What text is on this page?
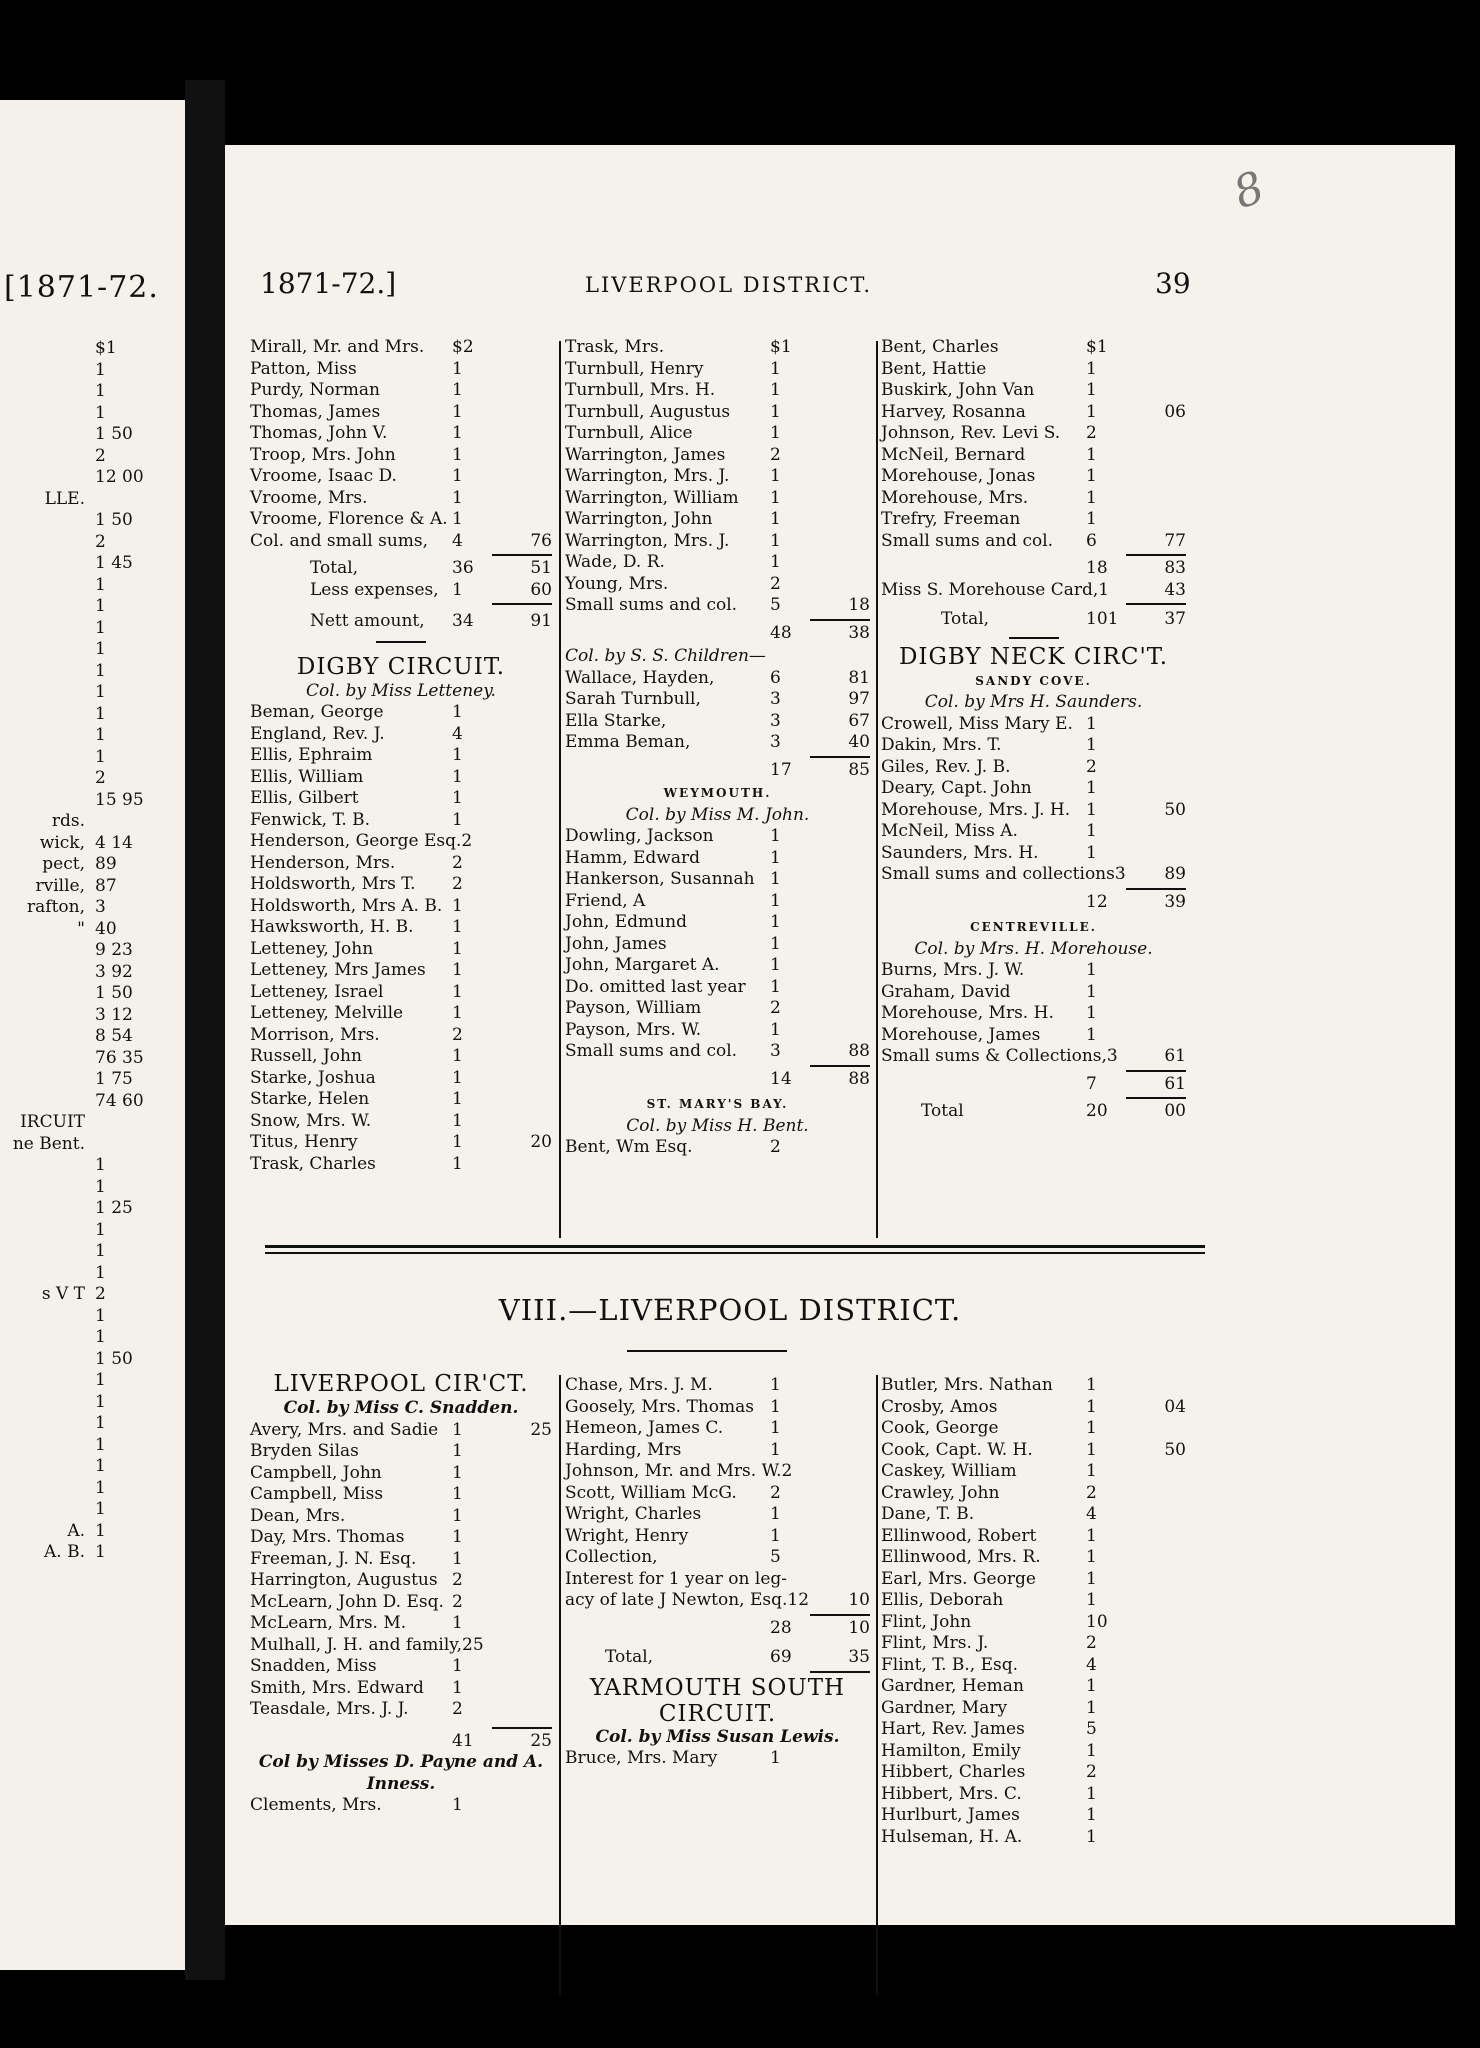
[1871-72.
$1
1
1
1
1 50
2
12 00
LLE.
1 50
2
1 45
1
1
1
1
1
1
1
1
1
2
15 95
rds.
wick, 4 14
pect, 89
rville, 87
rafton, 3
" 40
9 23
3 92
1 50
3 12
8 54
76 35
1 75
74 60
IRCUIT
ne Bent.
1
1
1 25
1
1
1
s V T 2
1
1
1 50
1
1
1
1
1
1
1
A. 1
A. B. 1
1871-72.]	LIVERPOOL DISTRICT.	39
8
Mirall, Mr. and Mrs.	$2
Patton, Miss	1
Purdy, Norman	1
Thomas, James	1
Thomas, John V.	1
Troop, Mrs. John	1
Vroome, Isaac D.	1
Vroome, Mrs.	1
Vroome, Florence & A. 1
Col. and small sums,	4	76
Total,	36	51
Less expenses, 1	60
Nett amount,	34	91
DIGBY CIRCUIT.
Col. by Miss Letteney.
Beman, George	1
England, Rev. J.	4
Ellis, Ephraim	1
Ellis, William	1
Ellis, Gilbert	1
Fenwick, T. B.	1
Henderson, George Esq. 2
Henderson, Mrs.	2
Holdsworth, Mrs T.	2
Holdsworth, Mrs A. B. 1
Hawksworth, H. B.	1
Letteney, John	1
Letteney, Mrs James	1
Letteney, Israel	1
Letteney, Melville	1
Morrison, Mrs.	2
Russell, John	1
Starke, Joshua	1
Starke, Helen	1
Snow, Mrs. W.	1
Titus, Henry	1	20
Trask, Charles	1
Trask, Mrs.	$1
Turnbull, Henry	1
Turnbull, Mrs. H.	1
Turnbull, Augustus	1
Turnbull, Alice	1
Warrington, James	2
Warrington, Mrs. J.	1
Warrington, William	1
Warrington, John	1
Warrington, Mrs. J.	1
Wade, D. R.	1
Young, Mrs.	2
Small sums and col.	5	18
48	38
Col. by S. S. Children—
Wallace, Hayden,	6	81
Sarah Turnbull,	3	97
Ella Starke,	3	67
Emma Beman,	3	40
17	85
WEYMOUTH.
Col. by Miss M. John.
Dowling, Jackson	1
Hamm, Edward	1
Hankerson, Susannah 1
Friend, A	1
John, Edmund	1
John, James	1
John, Margaret A.	1
Do. omitted last year	1
Payson, William	2
Payson, Mrs. W.	1
Small sums and col.	3	88
14	88
ST. MARY'S BAY.
Col. by Miss H. Bent.
Bent, Wm Esq.	2
Bent, Charles	$1
Bent, Hattie	1
Buskirk, John Van	1
Harvey, Rosanna	1	06
Johnson, Rev. Levi S.	2
McNeil, Bernard	1
Morehouse, Jonas	1
Morehouse, Mrs.	1
Trefry, Freeman	1
Small sums and col.	6	77
18	83
Miss S. Morehouse Card, 1	43
Total,	101	37
DIGBY NECK CIRC'T.
SANDY COVE.
Col. by Mrs H. Saunders.
Crowell, Miss Mary E. 1
Dakin, Mrs. T.	1
Giles, Rev. J. B.	2
Deary, Capt. John	1
Morehouse, Mrs. J. H. 1	50
McNeil, Miss A.	1
Saunders, Mrs. H.	1
Small sums and collections 3	89
12	39
CENTREVILLE.
Col. by Mrs. H. Morehouse.
Burns, Mrs. J. W.	1
Graham, David	1
Morehouse, Mrs. H.	1
Morehouse, James	1
Small sums & Collections, 3	61
7	61
Total	20	00
VIII.—LIVERPOOL DISTRICT.
LIVERPOOL CIR'CT.
Col. by Miss C. Snadden.
Avery, Mrs. and Sadie 1	25
Bryden Silas	1
Campbell, John	1
Campbell, Miss	1
Dean, Mrs.	1
Day, Mrs. Thomas	1
Freeman, J. N. Esq.	1
Harrington, Augustus 2
McLearn, John D. Esq. 2
McLearn, Mrs. M.	1
Mulhall, J. H. and family, 25
Snadden, Miss	1
Smith, Mrs. Edward	1
Teasdale, Mrs. J. J.	2
41	25
Col by Misses D. Payne and A. Inness.
Clements, Mrs.	1
Chase, Mrs. J. M.	1
Goosely, Mrs. Thomas 1
Hemeon, James C.	1
Harding, Mrs	1
Johnson, Mr. and Mrs. W. 2
Scott, William McG.	2
Wright, Charles	1
Wright, Henry	1
Collection,	5
Interest for 1 year on leg-
acy of late J Newton, Esq. 12	10
28	10
Total,	69	35
YARMOUTH SOUTH
CIRCUIT.
Col. by Miss Susan Lewis.
Bruce, Mrs. Mary	1
Butler, Mrs. Nathan	1
Crosby, Amos	1	04
Cook, George	1
Cook, Capt. W. H.	1	50
Caskey, William	1
Crawley, John	2
Dane, T. B.	4
Ellinwood, Robert	1
Ellinwood, Mrs. R.	1
Earl, Mrs. George	1
Ellis, Deborah	1
Flint, John	10
Flint, Mrs. J.	2
Flint, T. B., Esq.	4
Gardner, Heman	1
Gardner, Mary	1
Hart, Rev. James	5
Hamilton, Emily	1
Hibbert, Charles	2
Hibbert, Mrs. C.	1
Hurlburt, James	1
Hulseman, H. A.	1
